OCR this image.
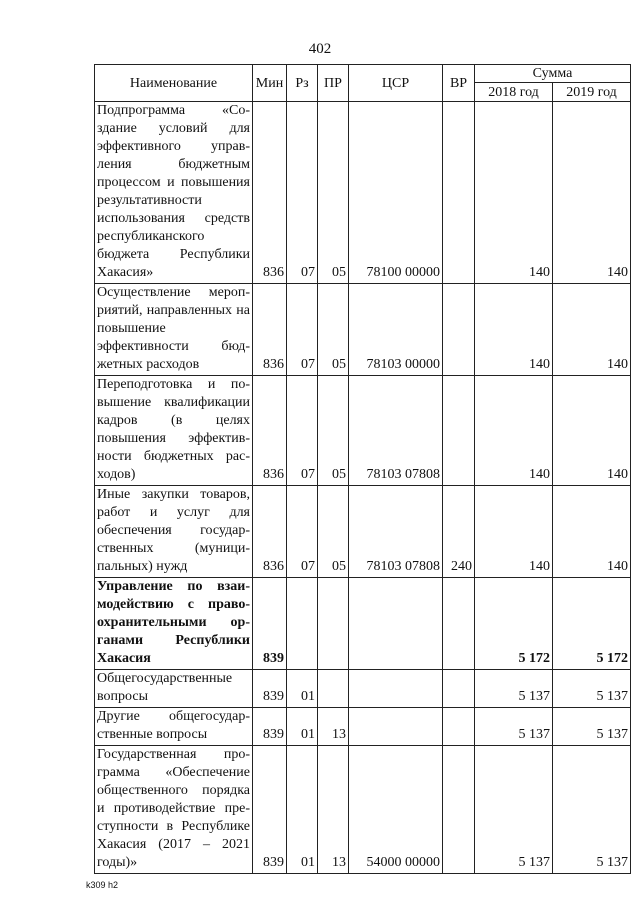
402
Наименование	Мин	Рз	ПР	ЦСР	ВР	Сумма	
						2018 год	2019 год
Подпрограмма «Создание условий для эффективного управления бюджетным процессом и повышения результативности использования средств республиканского бюджета Республики Хакасия»	836	07	05	78100 00000		140	140
Осуществление мероприятий, направленных на повышение эффективности бюджетных расходов	836	07	05	78103 00000		140	140
Переподготовка и повышение квалификации кадров (в целях повышения эффективности бюджетных расходов)	836	07	05	78103 07808		140	140
Иные закупки товаров, работ и услуг для обеспечения государственных (муниципальных) нужд	836	07	05	78103 07808	240	140	140
Управление по взаимодействию с правоохранительными органами Республики Хакасия	839					5 172	5 172
Общегосударственные вопросы	839	01				5 137	5 137
Другие общегосударственные вопросы	839	01	13			5 137	5 137
Государственная программа «Обеспечение общественного порядка и противодействие преступности в Республике Хакасия (2017 – 2021 годы)»	839	01	13	54000 00000		5 137	5 137
k309 h2
